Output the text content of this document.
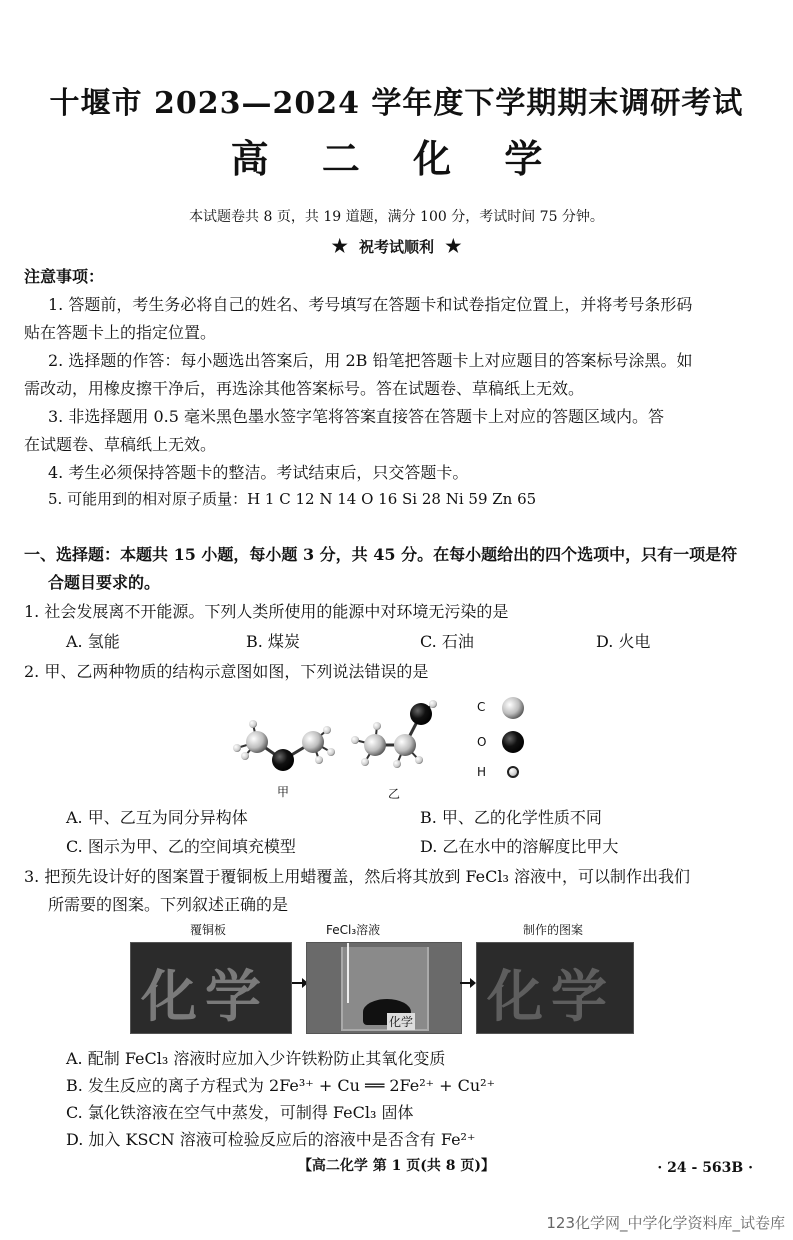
十堰市 2023—2024 学年度下学期期末调研考试
高 二 化 学
本试题卷共 8 页，共 19 道题，满分 100 分，考试时间 75 分钟。
★ 祝考试顺利 ★
注意事项：
1. 答题前，考生务必将自己的姓名、考号填写在答题卡和试卷指定位置上，并将考号条形码
贴在答题卡上的指定位置。
2. 选择题的作答：每小题选出答案后，用 2B 铅笔把答题卡上对应题目的答案标号涂黑。如
需改动，用橡皮擦干净后，再选涂其他答案标号。答在试题卷、草稿纸上无效。
3. 非选择题用 0.5 毫米黑色墨水签字笔将答案直接答在答题卡上对应的答题区域内。答
在试题卷、草稿纸上无效。
4. 考生必须保持答题卡的整洁。考试结束后，只交答题卡。
5. 可能用到的相对原子质量：H 1 C 12 N 14 O 16 Si 28 Ni 59 Zn 65
一、选择题：本题共 15 小题，每小题 3 分，共 45 分。在每小题给出的四个选项中，只有一项是符
合题目要求的。
1. 社会发展离不开能源。下列人类所使用的能源中对环境无污染的是
A. 氢能	B. 煤炭	C. 石油	D. 火电
2. 甲、乙两种物质的结构示意图如图，下列说法错误的是
C
O
H
甲	乙
A. 甲、乙互为同分异构体	B. 甲、乙的化学性质不同
C. 图示为甲、乙的空间填充模型	D. 乙在水中的溶解度比甲大
3. 把预先设计好的图案置于覆铜板上用蜡覆盖，然后将其放到 FeCl₃ 溶液中，可以制作出我们
所需要的图案。下列叙述正确的是
覆铜板	FeCl₃溶液	制作的图案
化学	化学 化学
A. 配制 FeCl₃ 溶液时应加入少许铁粉防止其氧化变质
B. 发生反应的离子方程式为 2Fe³⁺ + Cu ══ 2Fe²⁺ + Cu²⁺
C. 氯化铁溶液在空气中蒸发，可制得 FeCl₃ 固体
D. 加入 KSCN 溶液可检验反应后的溶液中是否含有 Fe²⁺
【高二化学 第 1 页(共 8 页)】	· 24 - 563B ·
123化学网_中学化学资料库_试卷库
